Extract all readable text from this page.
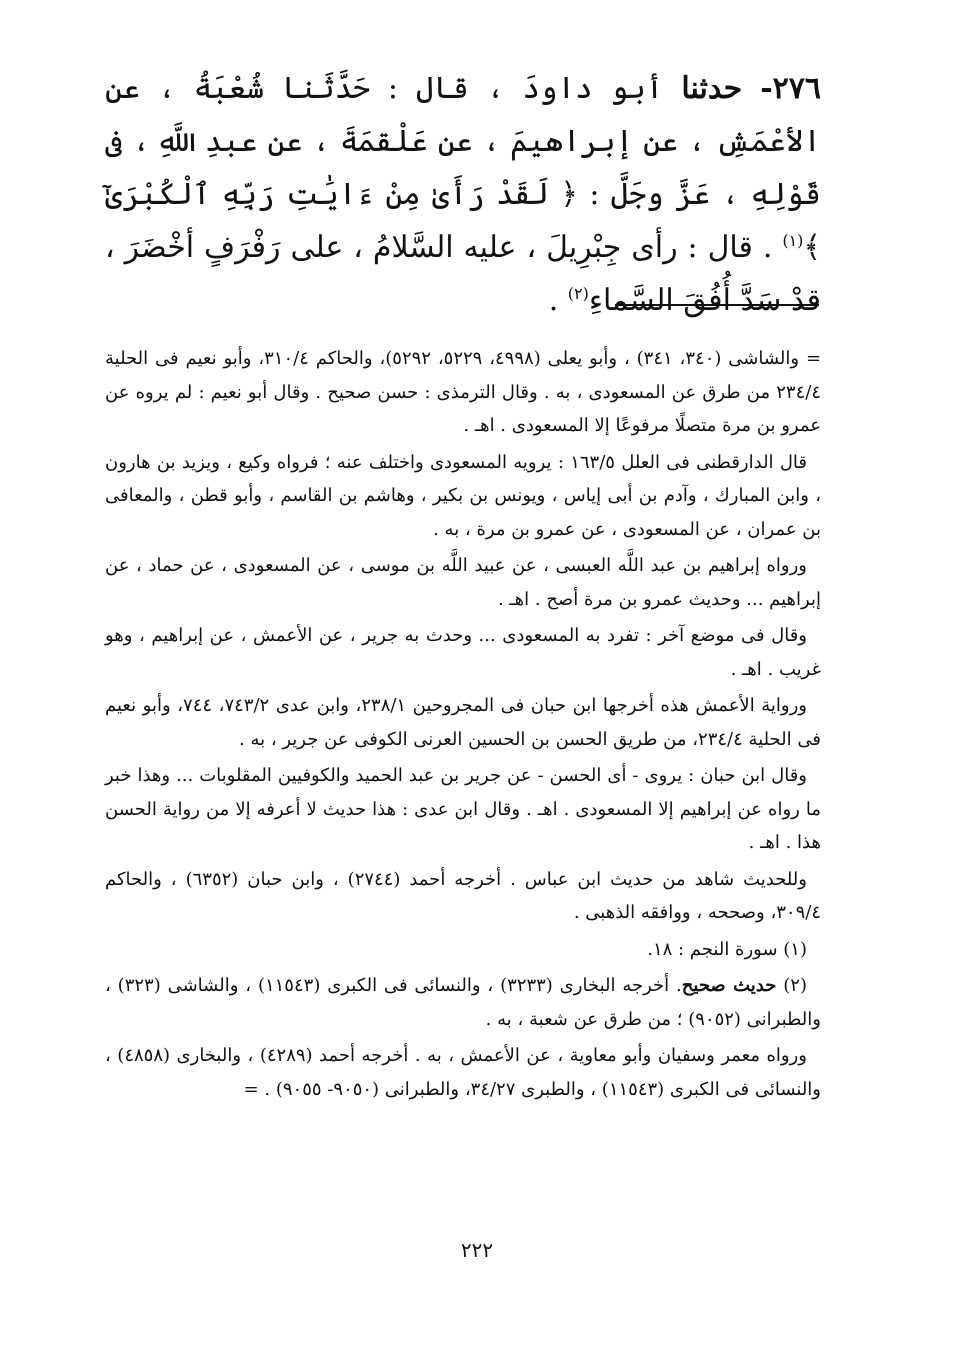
٢٧٦- حدثنا أبو داودَ ، قال : حَدَّثَنا شُعْبَةُ ، عن الأعْمَشِ ، عن إبراهيمَ ، عن عَلْقمَةَ ، عن عبدِ اللَّهِ ، فى قَوْلِهِ ، عَزَّ وجَلَّ : ﴿ لَقَدْ رَأَىٰ مِنْ ءَايَٰتِ رَبِّهِ ٱلْكُبْرَىٰٓ ﴾$^{(١)}$ . قال : رأى جِبْرِيلَ ، عليه السَّلامُ ، على رَفْرَفٍ أخْضَرَ ، قدْ سَدَّ أُفُقَ السَّماءِ$^{(٢)}$ .

= والشاشى (٣٤٠، ٣٤١) ، وأبو يعلى (٤٩٩٨، ٥٢٢٩، ٥٢٩٢)، والحاكم ٣١٠/٤، وأبو نعيم فى الحلية ٢٣٤/٤ من طرق عن المسعودى ، به . وقال الترمذى : حسن صحيح . وقال أبو نعيم : لم يروه عن عمرو بن مرة متصلًا مرفوعًا إلا المسعودى . اهـ .

قال الدارقطنى فى العلل ١٦٣/٥ : يرويه المسعودى واختلف عنه ؛ فرواه وكيع ، ويزيد بن هارون ، وابن المبارك ، وآدم بن أبى إياس ، ويونس بن بكير ، وهاشم بن القاسم ، وأبو قطن ، والمعافى بن عمران ، عن المسعودى ، عن عمرو بن مرة ، به .

ورواه إبراهيم بن عبد اللَّه العبسى ، عن عبيد اللَّه بن موسى ، عن المسعودى ، عن حماد ، عن إبراهيم ... وحديث عمرو بن مرة أصح . اهـ .

وقال فى موضع آخر : تفرد به المسعودى ... وحدث به جرير ، عن الأعمش ، عن إبراهيم ، وهو غريب . اهـ .

ورواية الأعمش هذه أخرجها ابن حبان فى المجروحين ٢٣٨/١، وابن عدى ٧٤٣/٢، ٧٤٤، وأبو نعيم فى الحلية ٢٣٤/٤، من طريق الحسن بن الحسين العرنى الكوفى عن جرير ، به .

وقال ابن حبان : يروى - أى الحسن - عن جرير بن عبد الحميد والكوفيين المقلوبات ... وهذا خبر ما رواه عن إبراهيم إلا المسعودى . اهـ . وقال ابن عدى : هذا حديث لا أعرفه إلا من رواية الحسن هذا . اهـ .

وللحديث شاهد من حديث ابن عباس . أخرجه أحمد (٢٧٤٤) ، وابن حبان (٦٣٥٢) ، والحاكم ٣٠٩/٤، وصححه ، ووافقه الذهبى .

(١) سورة النجم : ١٨.

(٢) حديث صحيح. أخرجه البخارى (٣٢٣٣) ، والنسائى فى الكبرى (١١٥٤٣) ، والشاشى (٣٢٣) ، والطبرانى (٩٠٥٢) ؛ من طرق عن شعبة ، به .

ورواه معمر وسفيان وأبو معاوية ، عن الأعمش ، به . أخرجه أحمد (٤٢٨٩) ، والبخارى (٤٨٥٨) ، والنسائى فى الكبرى (١١٥٤٣) ، والطبرى ٣٤/٢٧، والطبرانى (٩٠٥٠- ٩٠٥٥) . =

٢٢٢
